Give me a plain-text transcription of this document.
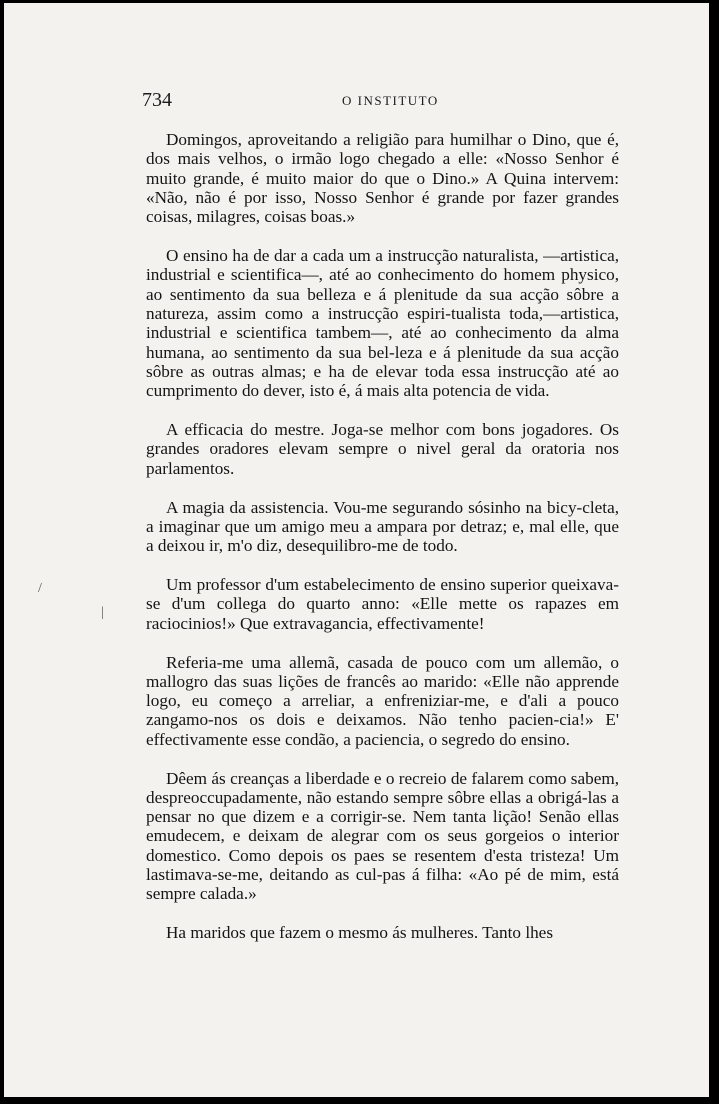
734	O INSTITUTO

Domingos, aproveitando a religião para humilhar o Dino, que é, dos mais velhos, o irmão logo chegado a elle: «Nosso Senhor é muito grande, é muito maior do que o Dino.» A Quina intervem: «Não, não é por isso, Nosso Senhor é grande por fazer grandes coisas, milagres, coisas boas.»

O ensino ha de dar a cada um a instrucção naturalista, —artistica, industrial e scientifica—, até ao conhecimento do homem physico, ao sentimento da sua belleza e á plenitude da sua acção sôbre a natureza, assim como a instrucção espiri-tualista toda,—artistica, industrial e scientifica tambem—, até ao conhecimento da alma humana, ao sentimento da sua bel-leza e á plenitude da sua acção sôbre as outras almas; e ha de elevar toda essa instrucção até ao cumprimento do dever, isto é, á mais alta potencia de vida.

A efficacia do mestre. Joga-se melhor com bons jogadores. Os grandes oradores elevam sempre o nivel geral da oratoria nos parlamentos.

A magia da assistencia. Vou-me segurando sósinho na bicy-cleta, a imaginar que um amigo meu a ampara por detraz; e, mal elle, que a deixou ir, m'o diz, desequilibro-me de todo.

Um professor d'um estabelecimento de ensino superior queixava-se d'um collega do quarto anno: «Elle mette os rapazes em raciocinios!» Que extravagancia, effectivamente!

Referia-me uma allemã, casada de pouco com um allemão, o mallogro das suas lições de francês ao marido: «Elle não apprende logo, eu começo a arreliar, a enfreniziar-me, e d'ali a pouco zangamo-nos os dois e deixamos. Não tenho pacien-cia!» E' effectivamente esse condão, a paciencia, o segredo do ensino.

Dêem ás creanças a liberdade e o recreio de falarem como sabem, despreoccupadamente, não estando sempre sôbre ellas a obrigá-las a pensar no que dizem e a corrigir-se. Nem tanta lição! Senão ellas emudecem, e deixam de alegrar com os seus gorgeios o interior domestico. Como depois os paes se resentem d'esta tristeza! Um lastimava-se-me, deitando as cul-pas á filha: «Ao pé de mim, está sempre calada.»

Ha maridos que fazem o mesmo ás mulheres. Tanto lhes

/
|
